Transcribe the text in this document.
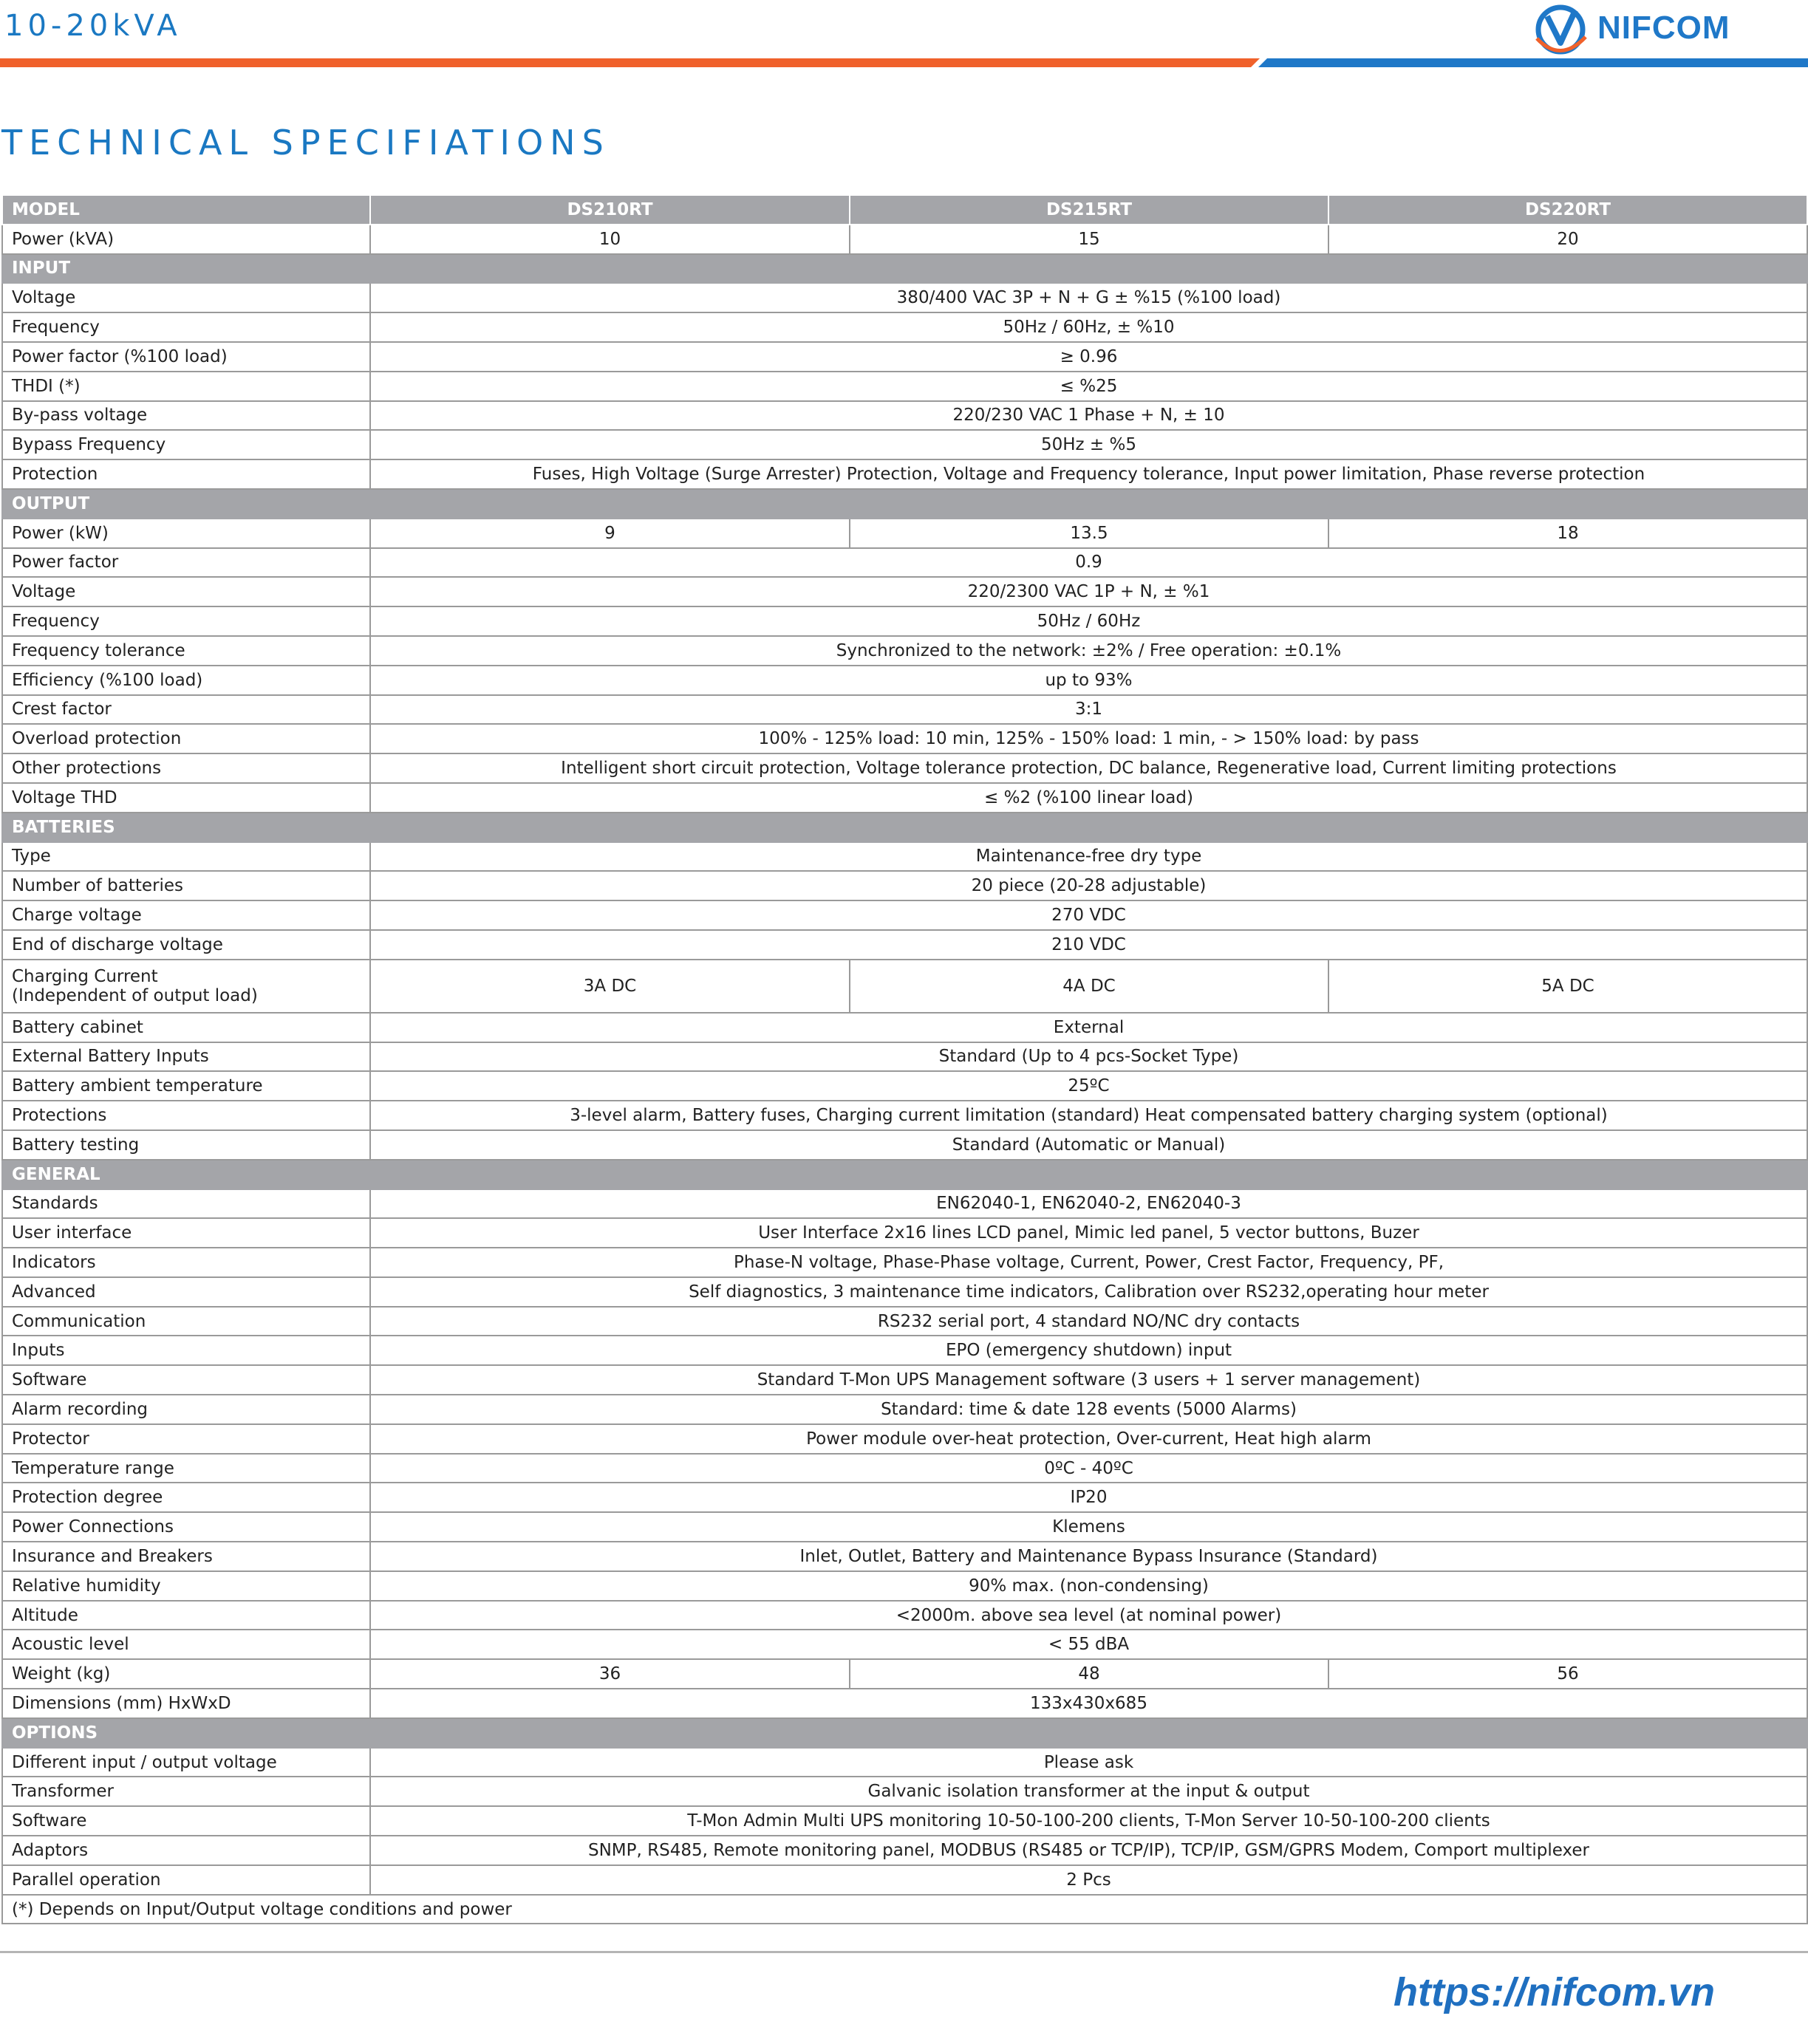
10-20kVA	NIFCOM
TECHNICAL SPECIFIATIONS
MODEL	DS210RT	DS215RT	DS220RT
Power (kVA)	10	15	20
INPUT			
Voltage	380/400 VAC 3P + N + G ± %15 (%100 load)		
Frequency	50Hz / 60Hz, ± %10		
Power factor (%100 load)	≥ 0.96		
THDI (*)	≤ %25		
By-pass voltage	220/230 VAC 1 Phase + N, ± 10		
Bypass Frequency	50Hz ± %5		
Protection	Fuses, High Voltage (Surge Arrester) Protection, Voltage and Frequency tolerance, Input power limitation, Phase reverse protection		
OUTPUT			
Power (kW)	9	13.5	18
Power factor	0.9		
Voltage	220/2300 VAC 1P + N, ± %1		
Frequency	50Hz / 60Hz		
Frequency tolerance	Synchronized to the network: ±2% / Free operation: ±0.1%		
Efficiency (%100 load)	up to 93%		
Crest factor	3:1		
Overload protection	100% - 125% load: 10 min, 125% - 150% load: 1 min, - > 150% load: by pass		
Other protections	Intelligent short circuit protection, Voltage tolerance protection, DC balance, Regenerative load, Current limiting protections		
Voltage THD	≤ %2 (%100 linear load)		
BATTERIES			
Type	Maintenance-free dry type		
Number of batteries	20 piece (20-28 adjustable)		
Charge voltage	270 VDC		
End of discharge voltage	210 VDC		

Charging Current
(Independent of output load)	3A DC	4A DC	5A DC
Battery cabinet	External		
External Battery Inputs	Standard (Up to 4 pcs-Socket Type)		
Battery ambient temperature	25ºC		
Protections	3-level alarm, Battery fuses, Charging current limitation (standard) Heat compensated battery charging system (optional)		
Battery testing	Standard (Automatic or Manual)		
GENERAL			
Standards	EN62040-1, EN62040-2, EN62040-3		
User interface	User Interface 2x16 lines LCD panel, Mimic led panel, 5 vector buttons, Buzer		
Indicators	Phase-N voltage, Phase-Phase voltage, Current, Power, Crest Factor, Frequency, PF,		
Advanced	Self diagnostics, 3 maintenance time indicators, Calibration over RS232,operating hour meter		
Communication	RS232 serial port, 4 standard NO/NC dry contacts		
Inputs	EPO (emergency shutdown) input		
Software	Standard T-Mon UPS Management software (3 users + 1 server management)		
Alarm recording	Standard: time & date 128 events (5000 Alarms)		
Protector	Power module over-heat protection, Over-current, Heat high alarm		
Temperature range	0ºC - 40ºC		
Protection degree	IP20		
Power Connections	Klemens		
Insurance and Breakers	Inlet, Outlet, Battery and Maintenance Bypass Insurance (Standard)		
Relative humidity	90% max. (non-condensing)		
Altitude	<2000m. above sea level (at nominal power)		
Acoustic level	< 55 dBA		
Weight (kg)	36	48	56
Dimensions (mm) HxWxD	133x430x685		
OPTIONS			
Different input / output voltage	Please ask		
Transformer	Galvanic isolation transformer at the input & output		
Software	T-Mon Admin Multi UPS monitoring 10-50-100-200 clients, T-Mon Server 10-50-100-200 clients		
Adaptors	SNMP, RS485, Remote monitoring panel, MODBUS (RS485 or TCP/IP), TCP/IP, GSM/GPRS Modem, Comport multiplexer		
Parallel operation	2 Pcs		
(*) Depends on Input/Output voltage conditions and power			
https://nifcom.vn
